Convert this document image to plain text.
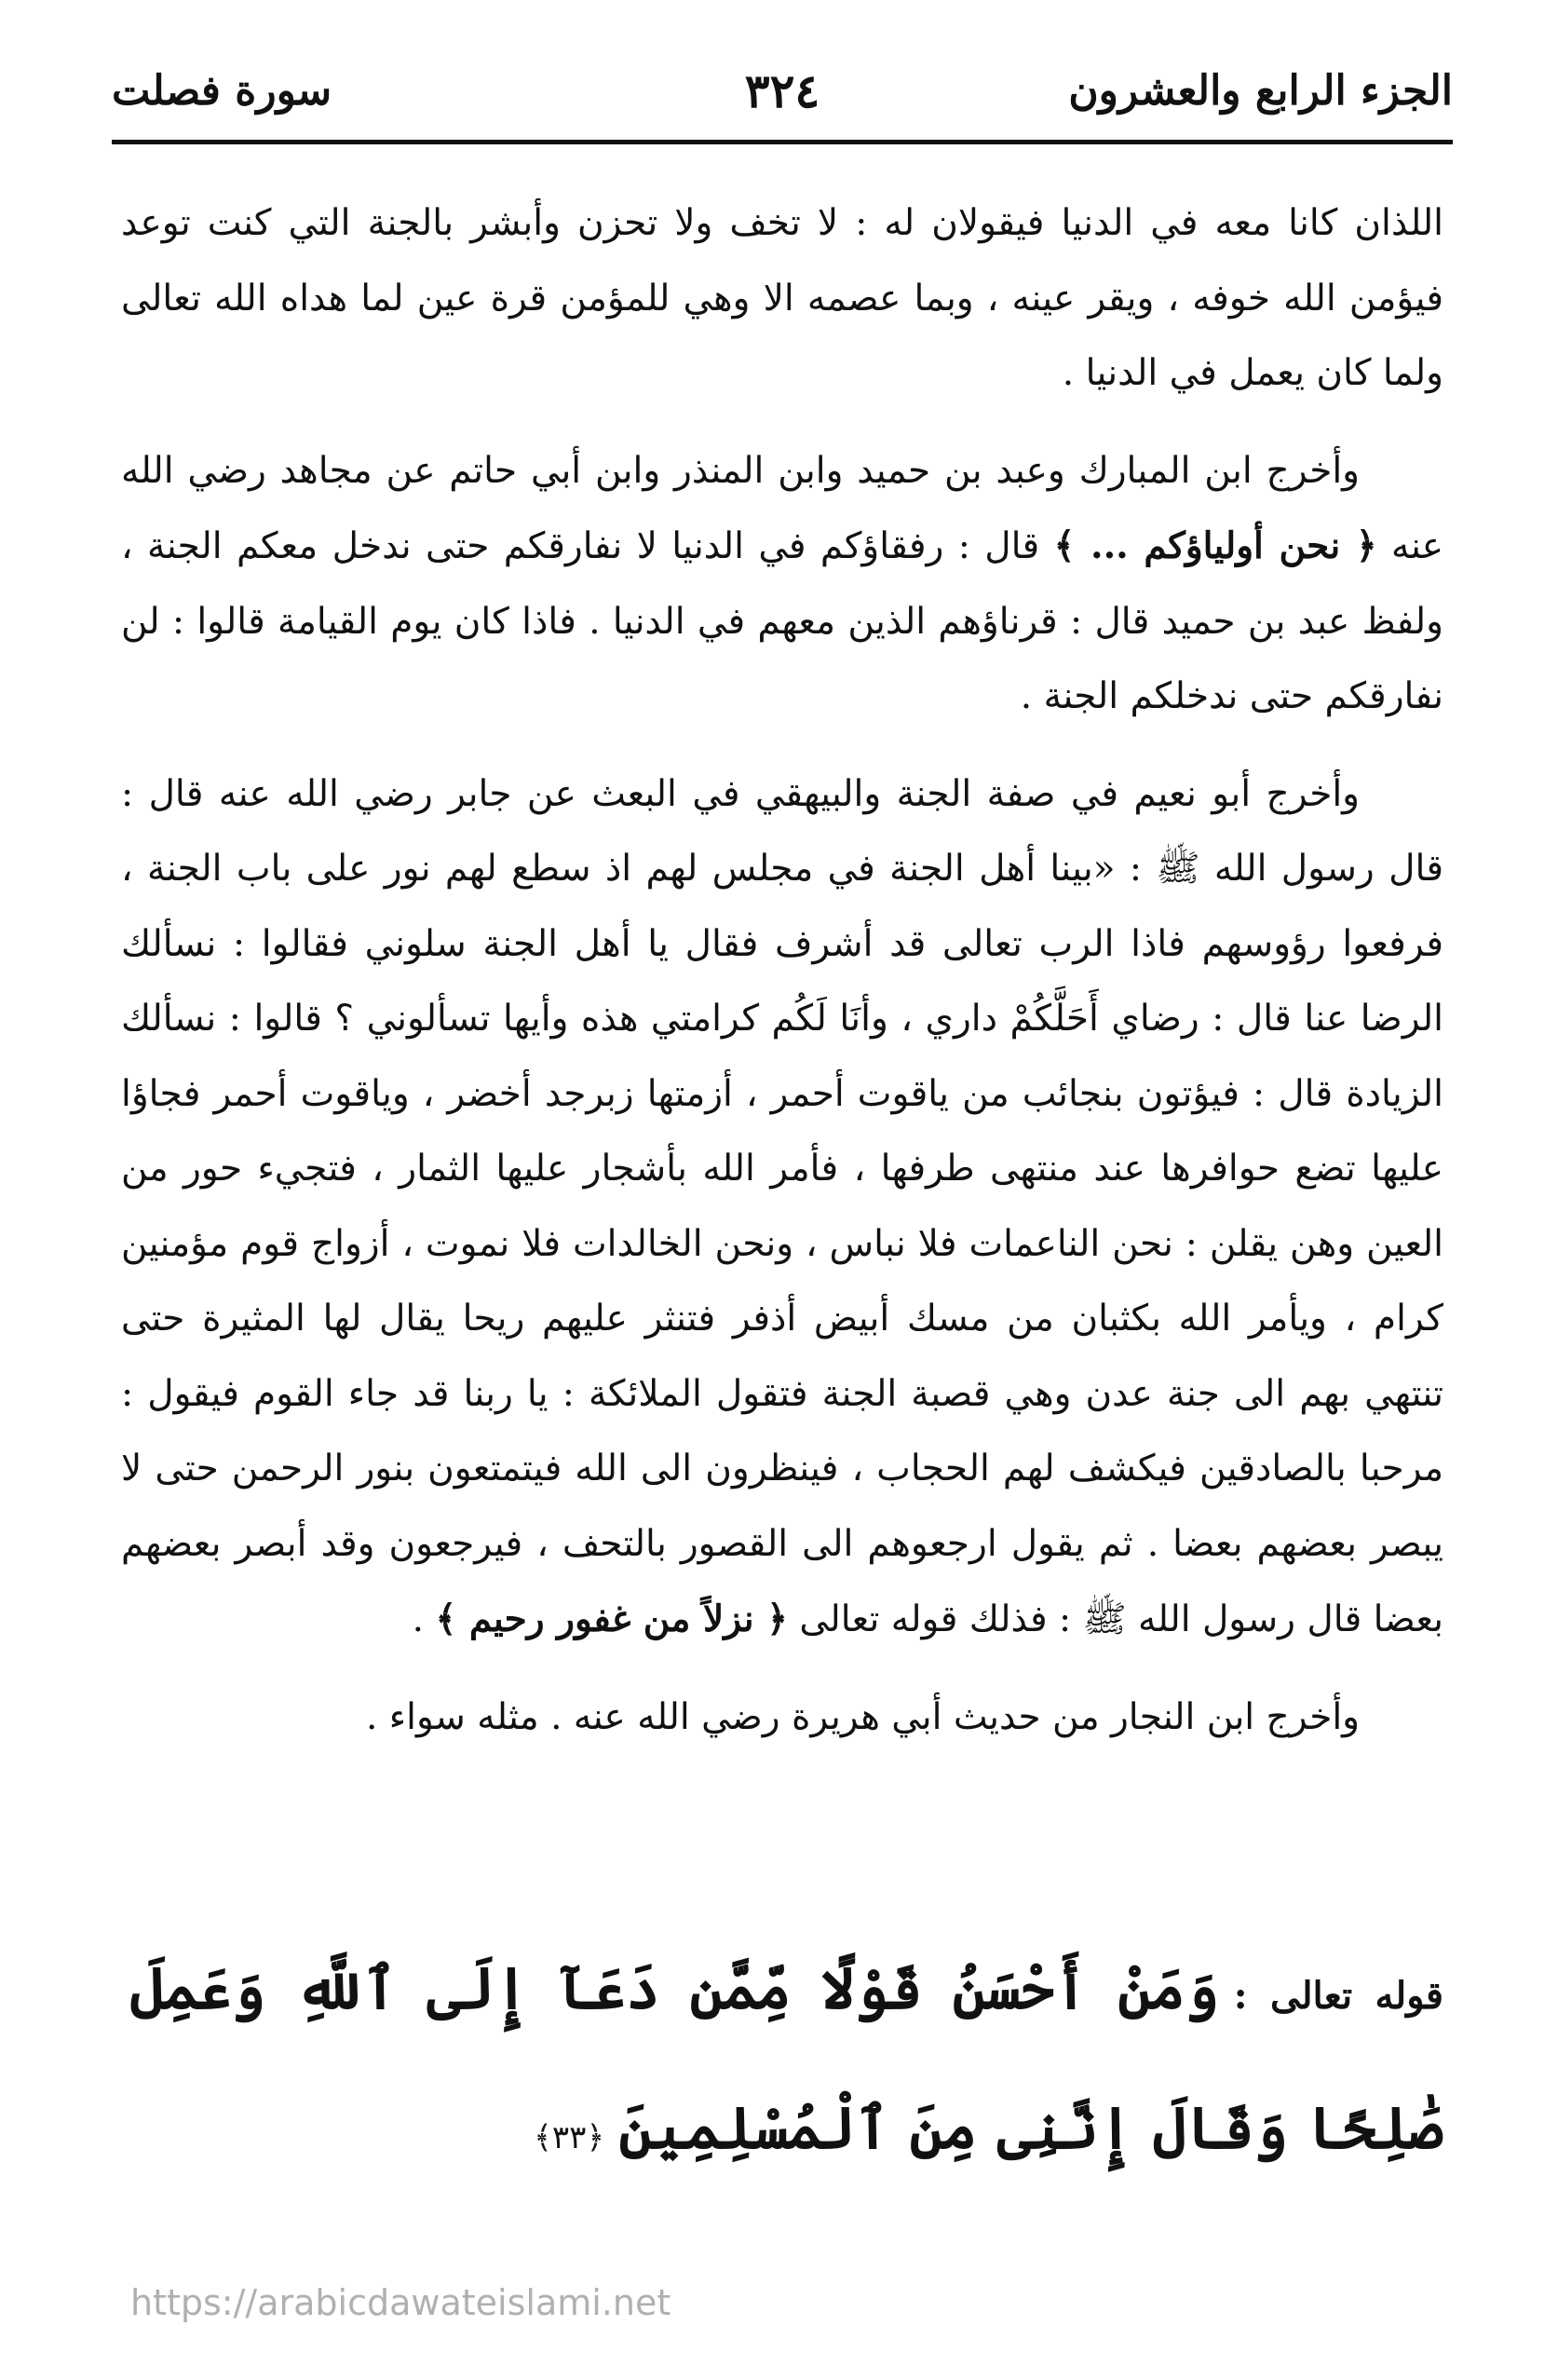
الجزء الرابع والعشرون
٣٢٤
سورة فصلت

اللذان كانا معه في الدنيا فيقولان له : لا تخف ولا تحزن وأبشر بالجنة التي كنت توعد فيؤمن الله خوفه ، ويقر عينه ، وبما عصمه الا وهي للمؤمن قرة عين لما هداه الله تعالى ولما كان يعمل في الدنيا .

وأخرج ابن المبارك وعبد بن حميد وابن المنذر وابن أبي حاتم عن مجاهد رضي الله عنه ﴿ نحن أولياؤكم ... ﴾ قال : رفقاؤكم في الدنيا لا نفارقكم حتى ندخل معكم الجنة ، ولفظ عبد بن حميد قال : قرناؤهم الذين معهم في الدنيا . فاذا كان يوم القيامة قالوا : لن نفارقكم حتى ندخلكم الجنة .

وأخرج أبو نعيم في صفة الجنة والبيهقي في البعث عن جابر رضي الله عنه قال : قال رسول الله ﷺ : «بينا أهل الجنة في مجلس لهم اذ سطع لهم نور على باب الجنة ، فرفعوا رؤوسهم فاذا الرب تعالى قد أشرف فقال يا أهل الجنة سلوني فقالوا : نسألك الرضا عنا قال : رضاي أَحَلَّكُمْ داري ، وأنَا لَكُم كرامتي هذه وأيها تسألوني ؟ قالوا : نسألك الزيادة قال : فيؤتون بنجائب من ياقوت أحمر ، أزمتها زبرجد أخضر ، وياقوت أحمر فجاؤا عليها تضع حوافرها عند منتهى طرفها ، فأمر الله بأشجار عليها الثمار ، فتجيء حور من العين وهن يقلن : نحن الناعمات فلا نباس ، ونحن الخالدات فلا نموت ، أزواج قوم مؤمنين كرام ، ويأمر الله بكثبان من مسك أبيض أذفر فتنثر عليهم ريحا يقال لها المثيرة حتى تنتهي بهم الى جنة عدن وهي قصبة الجنة فتقول الملائكة : يا ربنا قد جاء القوم فيقول : مرحبا بالصادقين فيكشف لهم الحجاب ، فينظرون الى الله فيتمتعون بنور الرحمن حتى لا يبصر بعضهم بعضا . ثم يقول ارجعوهم الى القصور بالتحف ، فيرجعون وقد أبصر بعضهم بعضا قال رسول الله ﷺ : فذلك قوله تعالى ﴿ نزلاً من غفور رحيم ﴾ .

وأخرج ابن النجار من حديث أبي هريرة رضي الله عنه . مثله سواء .

قوله تعالى : وَمَنْ أَحْسَنُ قَوْلًا مِّمَّن دَعَآ إِلَى ٱللَّهِ وَعَمِلَ صَٰلِحًا وَقَالَ إِنَّنِى مِنَ ٱلْمُسْلِمِينَ ﴿٣٣﴾
https://arabicdawateislami.net
